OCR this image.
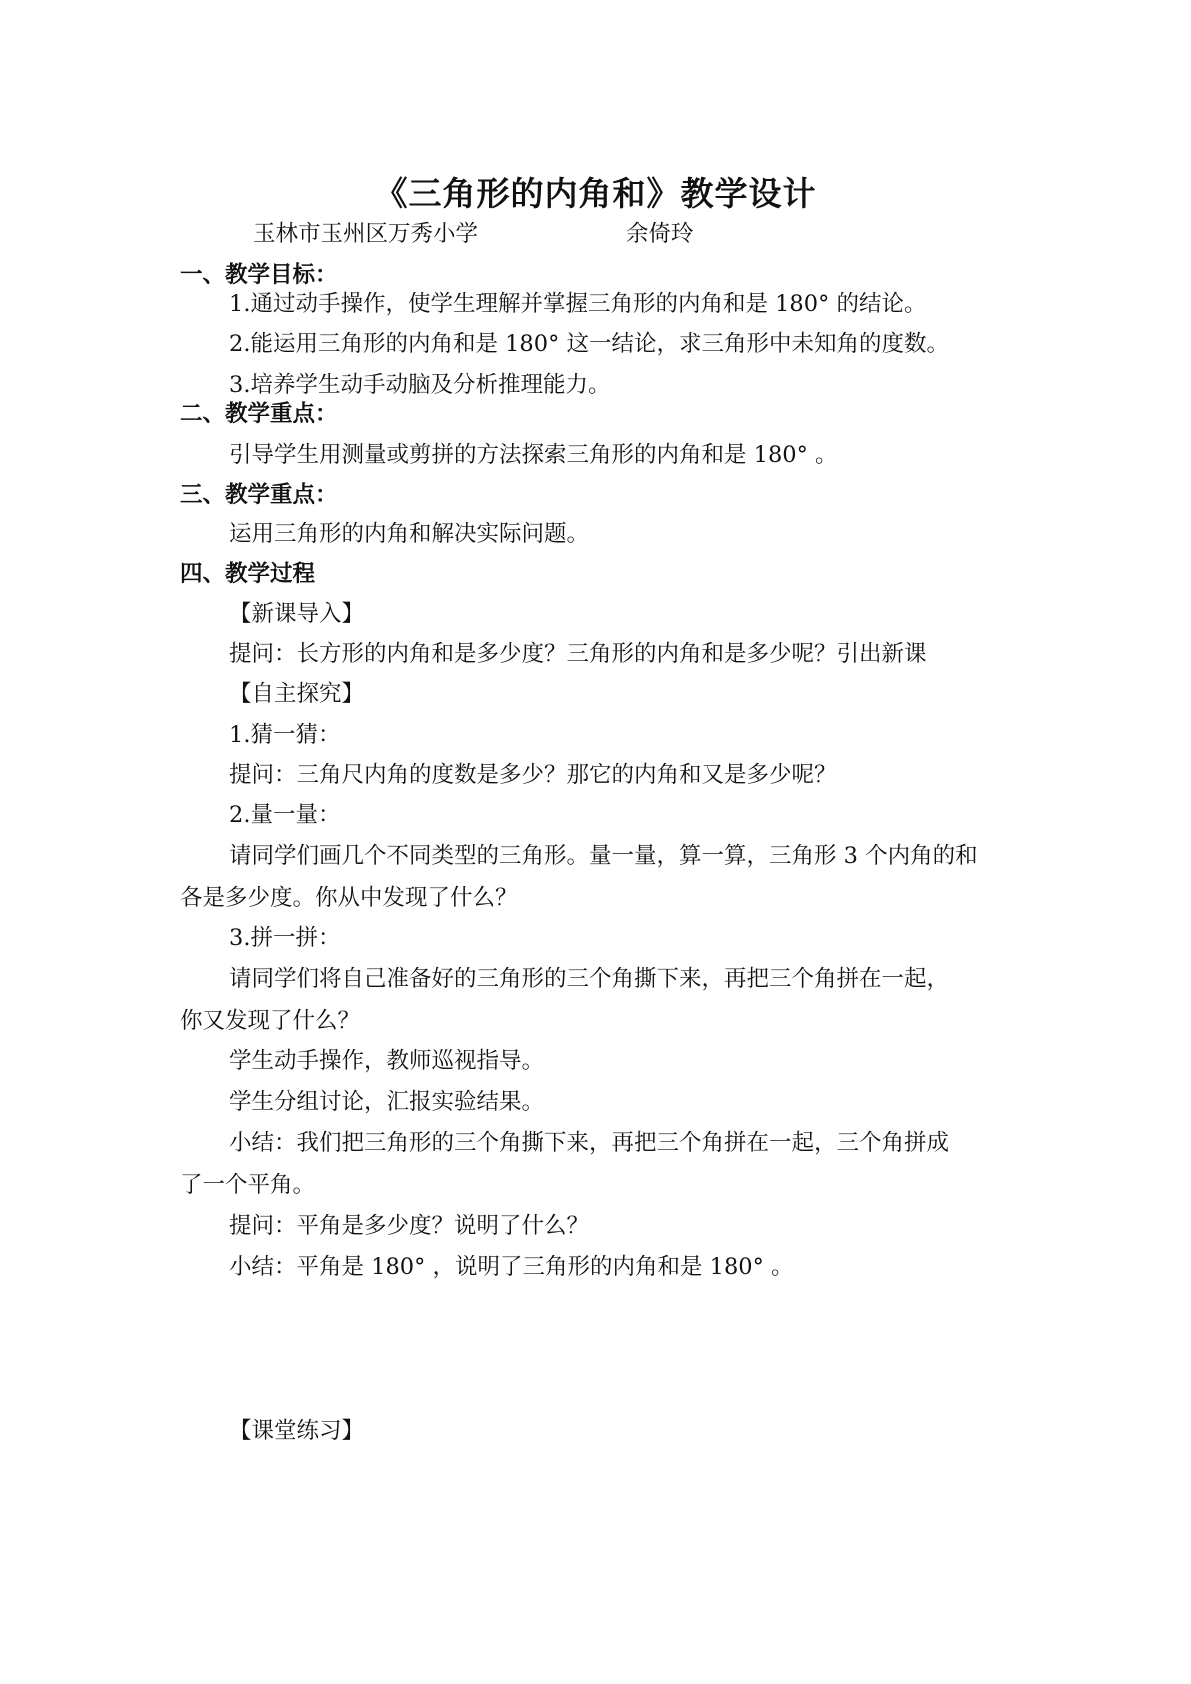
《三角形的内角和》教学设计
玉林市玉州区万秀小学	余倚玲
一、教学目标：
1.通过动手操作，使学生理解并掌握三角形的内角和是 180° 的结论。
2.能运用三角形的内角和是 180° 这一结论，求三角形中未知角的度数。
3.培养学生动手动脑及分析推理能力。
二、教学重点：
引导学生用测量或剪拼的方法探索三角形的内角和是 180° 。
三、教学重点：
运用三角形的内角和解决实际问题。
四、教学过程
【新课导入】
提问：长方形的内角和是多少度？三角形的内角和是多少呢？引出新课
【自主探究】
1.猜一猜：
提问：三角尺内角的度数是多少？那它的内角和又是多少呢？
2.量一量：
请同学们画几个不同类型的三角形。量一量，算一算，三角形 3 个内角的和
各是多少度。你从中发现了什么？
3.拼一拼：
请同学们将自己准备好的三角形的三个角撕下来，再把三个角拼在一起，
你又发现了什么？
学生动手操作，教师巡视指导。
学生分组讨论，汇报实验结果。
小结：我们把三角形的三个角撕下来，再把三个角拼在一起，三个角拼成
了一个平角。
提问：平角是多少度？说明了什么？
小结：平角是 180° ，说明了三角形的内角和是 180° 。
【课堂练习】
